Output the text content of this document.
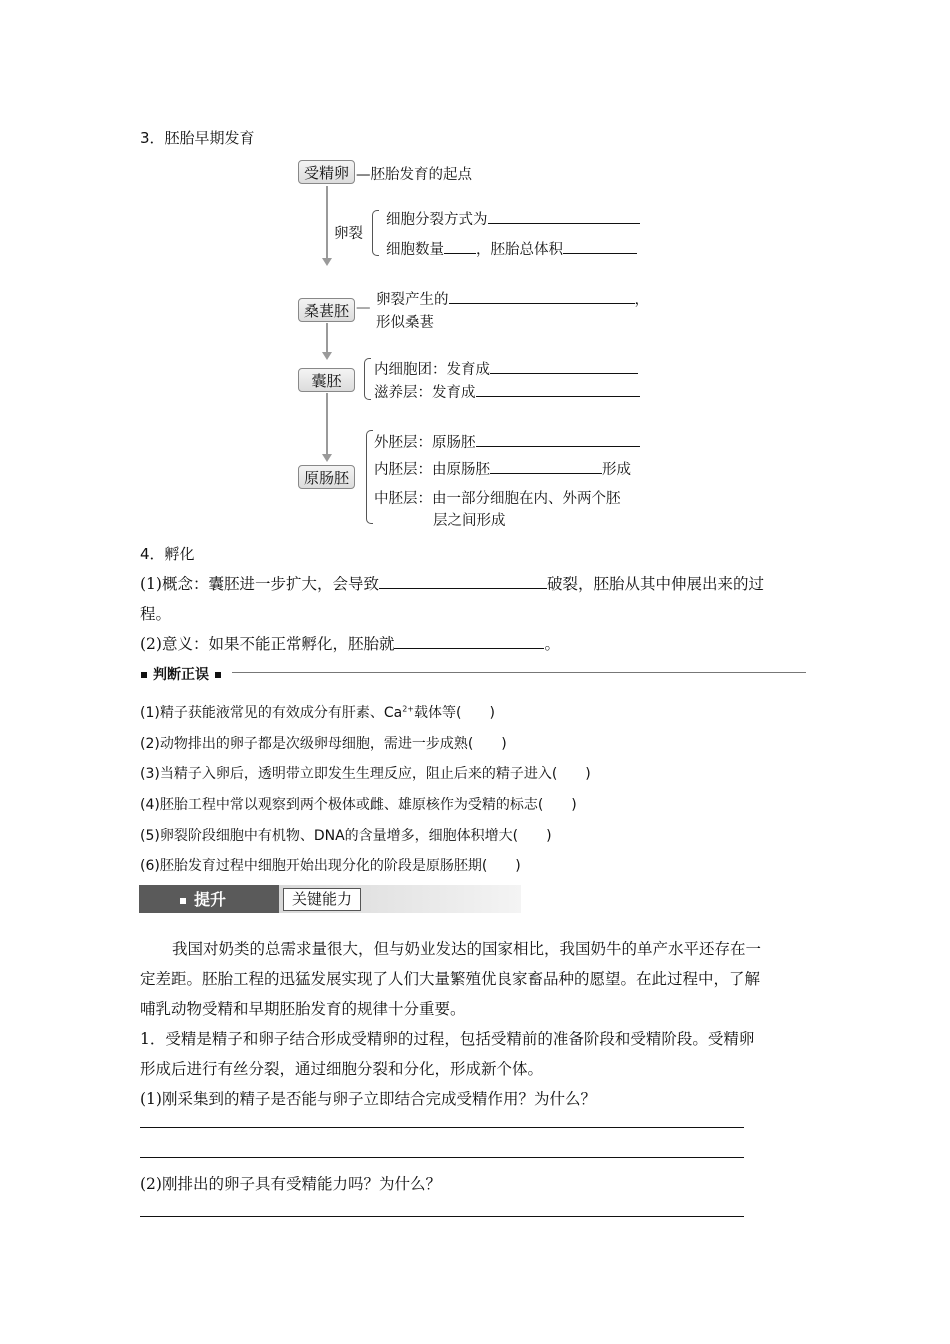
3．胚胎早期发育
受精卵 —胚胎发育的起点
卵裂
细胞分裂方式为
细胞数量 ，胚胎总体积
桑葚胚 — 卵裂产生的	，
形似桑葚
囊胚
内细胞团：发育成
滋养层：发育成
原肠胚
外胚层：原肠胚
内胚层：由原肠胚	形成
中胚层：由一部分细胞在内、外两个胚
层之间形成
4．孵化
(1)概念：囊胚进一步扩大，会导致	破裂，胚胎从其中伸展出来的过
程。
(2)意义：如果不能正常孵化，胚胎就	。
判断正误
(1)精子获能液常见的有效成分有肝素、$Ca^{2+}$载体等(　　)
(2)动物排出的卵子都是次级卵母细胞，需进一步成熟(　　)
(3)当精子入卵后，透明带立即发生生理反应，阻止后来的精子进入(　　)
(4)胚胎工程中常以观察到两个极体或雌、雄原核作为受精的标志(　　)
(5)卵裂阶段细胞中有机物、DNA的含量增多，细胞体积增大(　　)
(6)胚胎发育过程中细胞开始出现分化的阶段是原肠胚期(　　)
提升	关键能力
我国对奶类的总需求量很大，但与奶业发达的国家相比，我国奶牛的单产水平还存在一
定差距。胚胎工程的迅猛发展实现了人们大量繁殖优良家畜品种的愿望。在此过程中，了解
哺乳动物受精和早期胚胎发育的规律十分重要。
1．受精是精子和卵子结合形成受精卵的过程，包括受精前的准备阶段和受精阶段。受精卵
形成后进行有丝分裂，通过细胞分裂和分化，形成新个体。
(1)刚采集到的精子是否能与卵子立即结合完成受精作用？为什么？
(2)刚排出的卵子具有受精能力吗？为什么？
